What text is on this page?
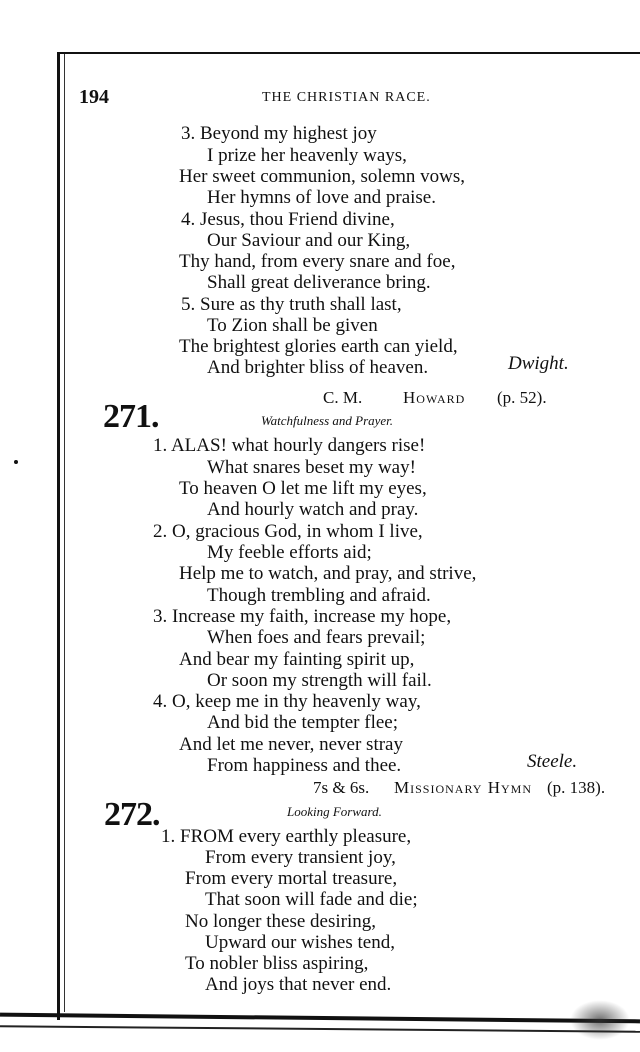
194	THE CHRISTIAN RACE.
3. Beyond my highest joy
I prize her heavenly ways,
Her sweet communion, solemn vows,
Her hymns of love and praise.
4. Jesus, thou Friend divine,
Our Saviour and our King,
Thy hand, from every snare and foe,
Shall great deliverance bring.
5. Sure as thy truth shall last,
To Zion shall be given
The brightest glories earth can yield,
And brighter bliss of heaven.	Dwight.
C. M. Howard (p. 52).
271.	Watchfulness and Prayer.
1. ALAS! what hourly dangers rise!
What snares beset my way!
To heaven O let me lift my eyes,
And hourly watch and pray.
2. O, gracious God, in whom I live,
My feeble efforts aid;
Help me to watch, and pray, and strive,
Though trembling and afraid.
3. Increase my faith, increase my hope,
When foes and fears prevail;
And bear my fainting spirit up,
Or soon my strength will fail.
4. O, keep me in thy heavenly way,
And bid the tempter flee;
And let me never, never stray
From happiness and thee.	Steele.
7s & 6s. Missionary Hymn (p. 138).
272.	Looking Forward.
1. FROM every earthly pleasure,
From every transient joy,
From every mortal treasure,
That soon will fade and die;
No longer these desiring,
Upward our wishes tend,
To nobler bliss aspiring,
And joys that never end.
